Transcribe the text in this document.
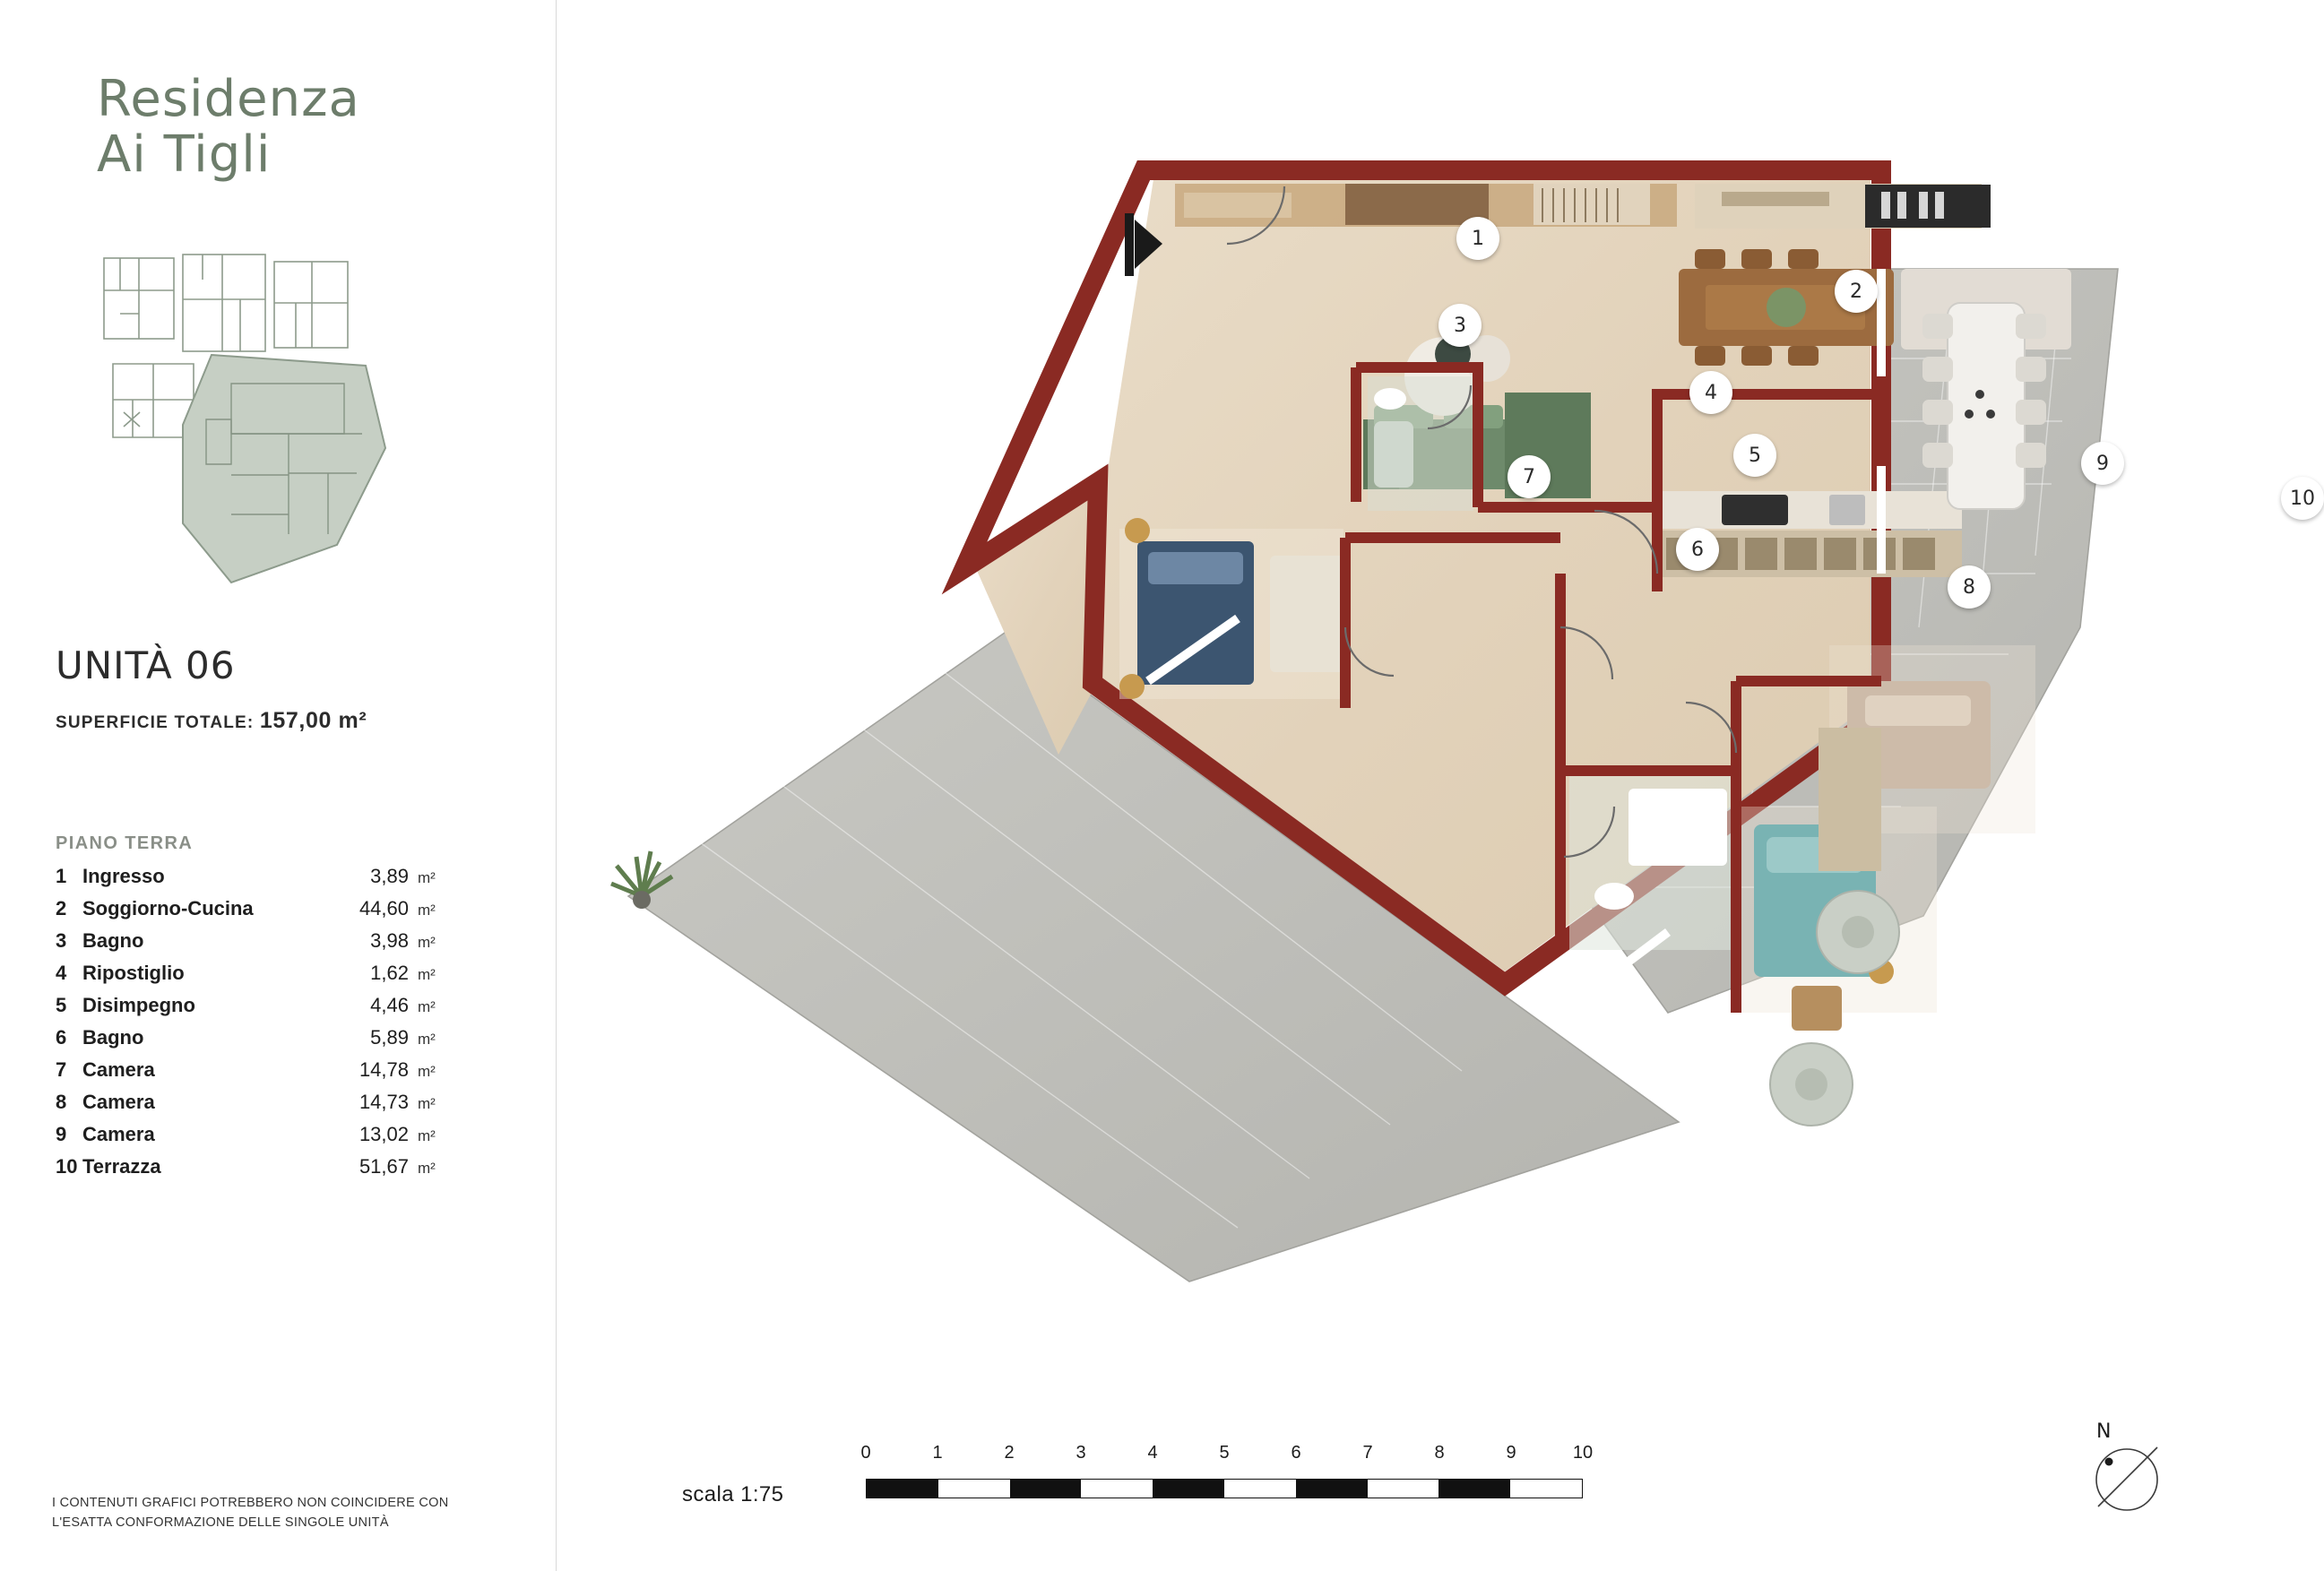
Residenza
Ai Tigli
UNITÀ 06
SUPERFICIE TOTALE: 157,00 m²
PIANO TERRA
1 Ingresso	3,89 m²
2 Soggiorno-Cucina	44,60 m²
3 Bagno	3,98 m²
4 Ripostiglio	1,62 m²
5 Disimpegno	4,46 m²
6 Bagno	5,89 m²
7 Camera	14,78 m²
8 Camera	14,73 m²
9 Camera	13,02 m²
10 Terrazza	51,67 m²
I CONTENUTI GRAFICI POTREBBERO NON COINCIDERE CON L'ESATTA CONFORMAZIONE DELLE SINGOLE UNITÀ
1
2
3
4
5
6
7
8
9
10
scala 1:75
0	1	2	3	4	5	6	7	8	9	10
N
